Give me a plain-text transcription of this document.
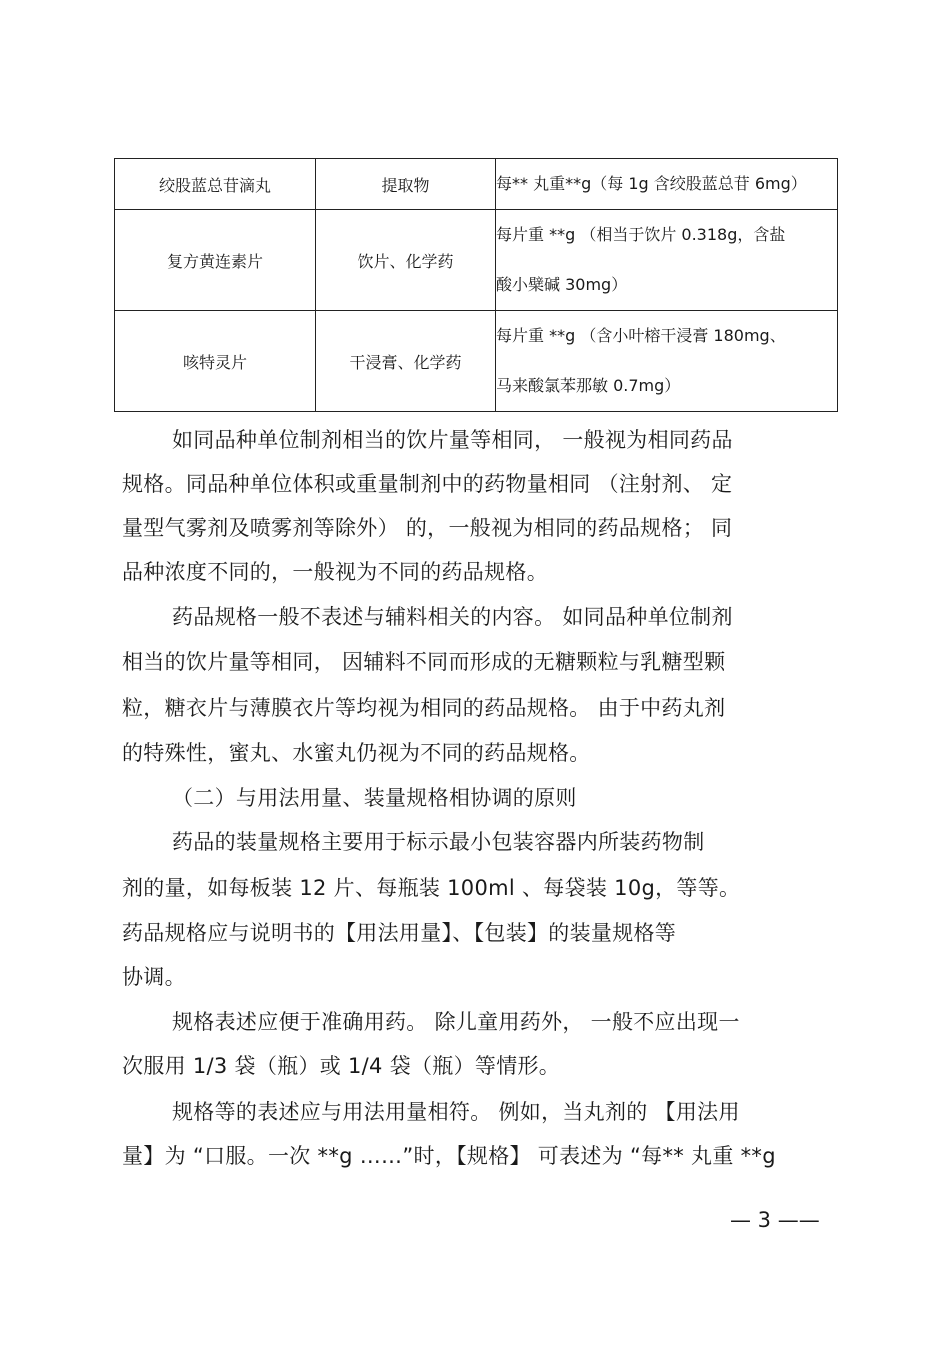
绞股蓝总苷滴丸	提取物	每** 丸重**g（每 1g 含绞股蓝总苷 6mg）

复方黄连素片	饮片、化学药	每片重 **g （相当于饮片 0.318g，含盐
酸小檗碱 30mg）

咳特灵片	干浸膏、化学药	每片重 **g （含小叶榕干浸膏 180mg、
马来酸氯苯那敏 0.7mg）
如同品种单位制剂相当的饮片量等相同， 一般视为相同药品
规格。同品种单位体积或重量制剂中的药物量相同 （注射剂、 定
量型气雾剂及喷雾剂等除外） 的，一般视为相同的药品规格； 同
品种浓度不同的，一般视为不同的药品规格。
药品规格一般不表述与辅料相关的内容。 如同品种单位制剂
相当的饮片量等相同， 因辅料不同而形成的无糖颗粒与乳糖型颗
粒，糖衣片与薄膜衣片等均视为相同的药品规格。 由于中药丸剂
的特殊性，蜜丸、水蜜丸仍视为不同的药品规格。
（二）与用法用量、装量规格相协调的原则
药品的装量规格主要用于标示最小包装容器内所装药物制
剂的量，如每板装 12 片、每瓶装 100ml 、每袋装 10g，等等。
药品规格应与说明书的【用法用量】、【包装】的装量规格等
协调。
规格表述应便于准确用药。 除儿童用药外， 一般不应出现一
次服用 1/3 袋（瓶）或 1/4 袋（瓶）等情形。
规格等的表述应与用法用量相符。 例如，当丸剂的 【用法用
量】为 “口服。一次 **g ……”时，【规格】 可表述为 “每** 丸重 **g
— 3 ——
